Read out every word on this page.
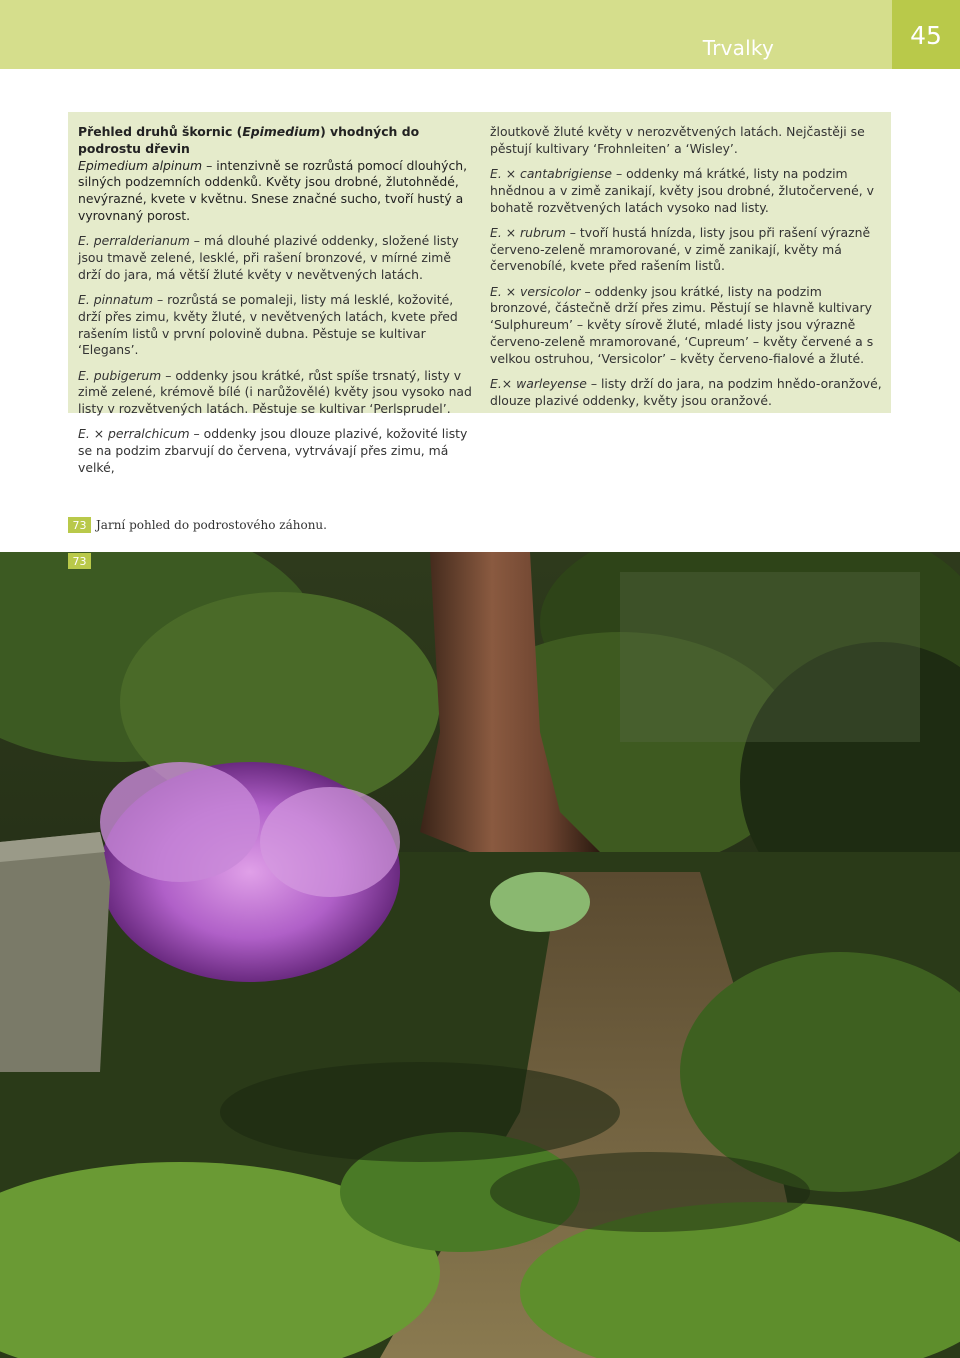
Trvalky	45

Přehled druhů škornic (Epimedium) vhodných do podrostu dřevin
Epimedium alpinum – intenzivně se rozrůstá pomocí dlouhých, silných podzemních oddenků. Květy jsou drobné, žlutohnědé, nevýrazné, kvete v květnu. Snese značné sucho, tvoří hustý a vyrovnaný porost.

E. perralderianum – má dlouhé plazivé oddenky, složené listy jsou tmavě zelené, lesklé, při rašení bronzové, v mírné zimě drží do jara, má větší žluté květy v nevětvených latách.

E. pinnatum – rozrůstá se pomaleji, listy má lesklé, kožovité, drží přes zimu, květy žluté, v nevětvených latách, kvete před rašením listů v první polovině dubna. Pěstuje se kultivar ‘Elegans’.

E. pubigerum – oddenky jsou krátké, růst spíše trsnatý, listy v zimě zelené, krémově bílé (i narůžovělé) květy jsou vysoko nad listy v rozvětvených latách. Pěstuje se kultivar ‘Perlsprudel’.

E. × perralchicum – oddenky jsou dlouze plazivé, kožovité listy se na podzim zbarvují do červena, vytrvávají přes zimu, má velké,

žloutkově žluté květy v nerozvětvených latách. Nejčastěji se pěstují kultivary ‘Frohnleiten’ a ‘Wisley’.

E. × cantabrigiense – oddenky má krátké, listy na podzim hnědnou a v zimě zanikají, květy jsou drobné, žlutočervené, v bohatě rozvětvených latách vysoko nad listy.

E. × rubrum – tvoří hustá hnízda, listy jsou při rašení výrazně červeno-zeleně mramorované, v zimě zanikají, květy má červenobílé, kvete před rašením listů.

E. × versicolor – oddenky jsou krátké, listy na podzim bronzové, částečně drží přes zimu. Pěstují se hlavně kultivary ‘Sulphureum’ – květy sírově žluté, mladé listy jsou výrazně červeno-zeleně mramorované, ‘Cupreum’ – květy červené a s velkou ostruhou, ‘Versicolor’ – květy červeno-fialové a žluté.

E.× warleyense – listy drží do jara, na podzim hnědo-oranžové, dlouze plazivé oddenky, květy jsou oranžové.

73 Jarní pohled do podrostového záhonu.
73
